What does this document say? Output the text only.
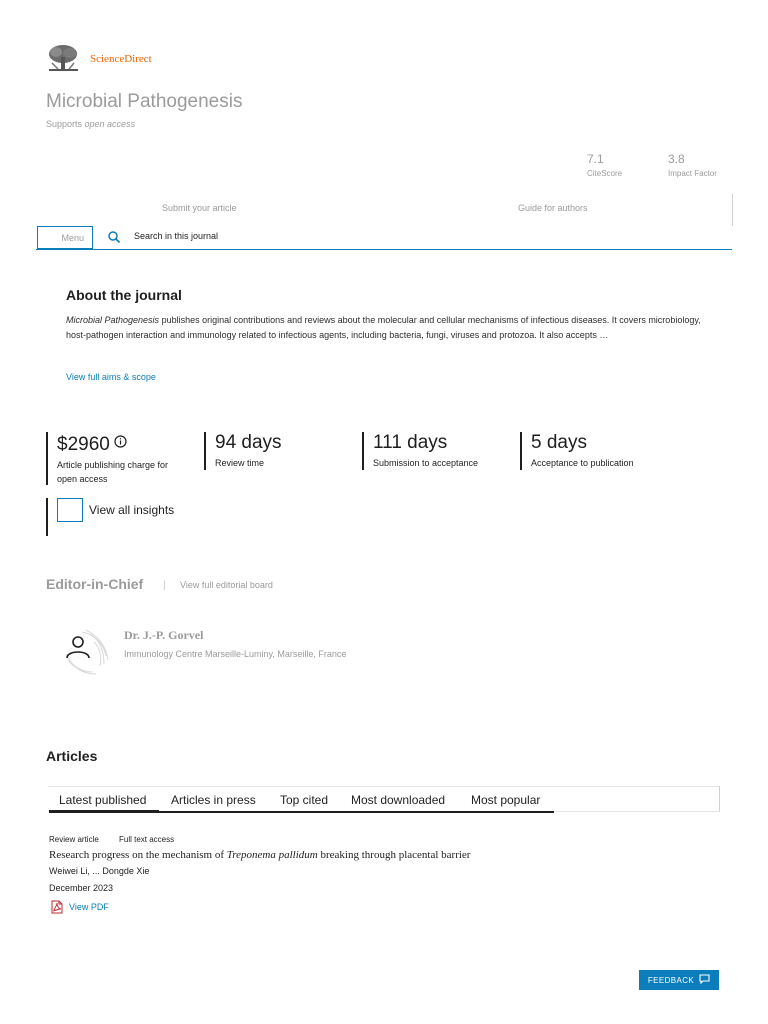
ScienceDirect
Microbial Pathogenesis
Supports open access
7.1
CiteScore
3.8
Impact Factor
Submit your article	Guide for authors
Menu	Search in this journal
About the journal
Microbial Pathogenesis publishes original contributions and reviews about the molecular and cellular mechanisms of infectious diseases. It covers microbiology, host-pathogen interaction and immunology related to infectious agents, including bacteria, fungi, viruses and protozoa. It also accepts …
View full aims & scope
$2960
Article publishing charge for open access
94 days
Review time
111 days
Submission to acceptance
5 days
Acceptance to publication
View all insights
Editor-in-Chief | View full editorial board
Dr. J.-P. Gorvel
Immunology Centre Marseille-Luminy, Marseille, France
Articles
Latest published Articles in press Top cited Most downloaded Most popular
Review article	Full text access
Research progress on the mechanism of Treponema pallidum breaking through placental barrier
Weiwei Li, ... Dongde Xie
December 2023
View PDF
FEEDBACK
